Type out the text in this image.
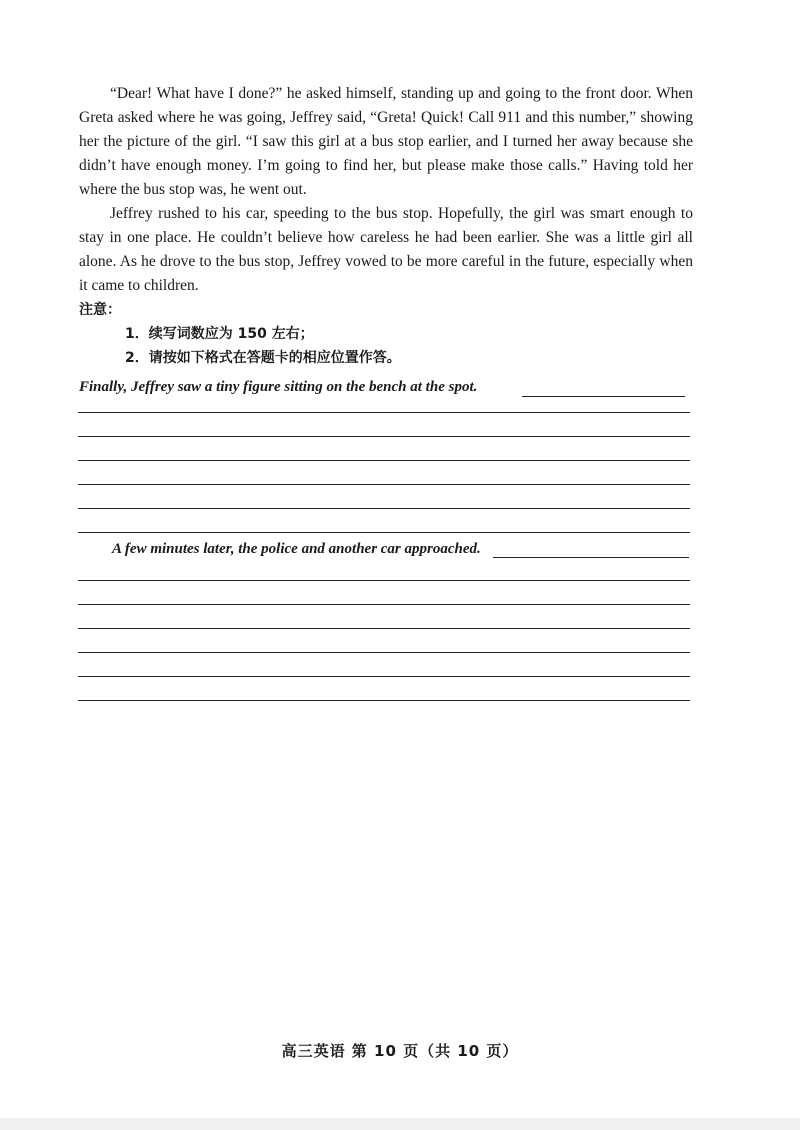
“Dear! What have I done?” he asked himself, standing up and going to the front door. When Greta asked where he was going, Jeffrey said, “Greta! Quick! Call 911 and this number,” showing her the picture of the girl. “I saw this girl at a bus stop earlier, and I turned her away because she didn’t have enough money. I’m going to find her, but please make those calls.” Having told her where the bus stop was, he went out.

Jeffrey rushed to his car, speeding to the bus stop. Hopefully, the girl was smart enough to stay in one place. He couldn’t believe how careless he had been earlier. She was a little girl all alone. As he drove to the bus stop, Jeffrey vowed to be more careful in the future, especially when it came to children.

注意：

1．续写词数应为 150 左右；

2．请按如下格式在答题卡的相应位置作答。

Finally, Jeffrey saw a tiny figure sitting on the bench at the spot.
A few minutes later, the police and another car approached.
高三英语 第 10 页（共 10 页）
